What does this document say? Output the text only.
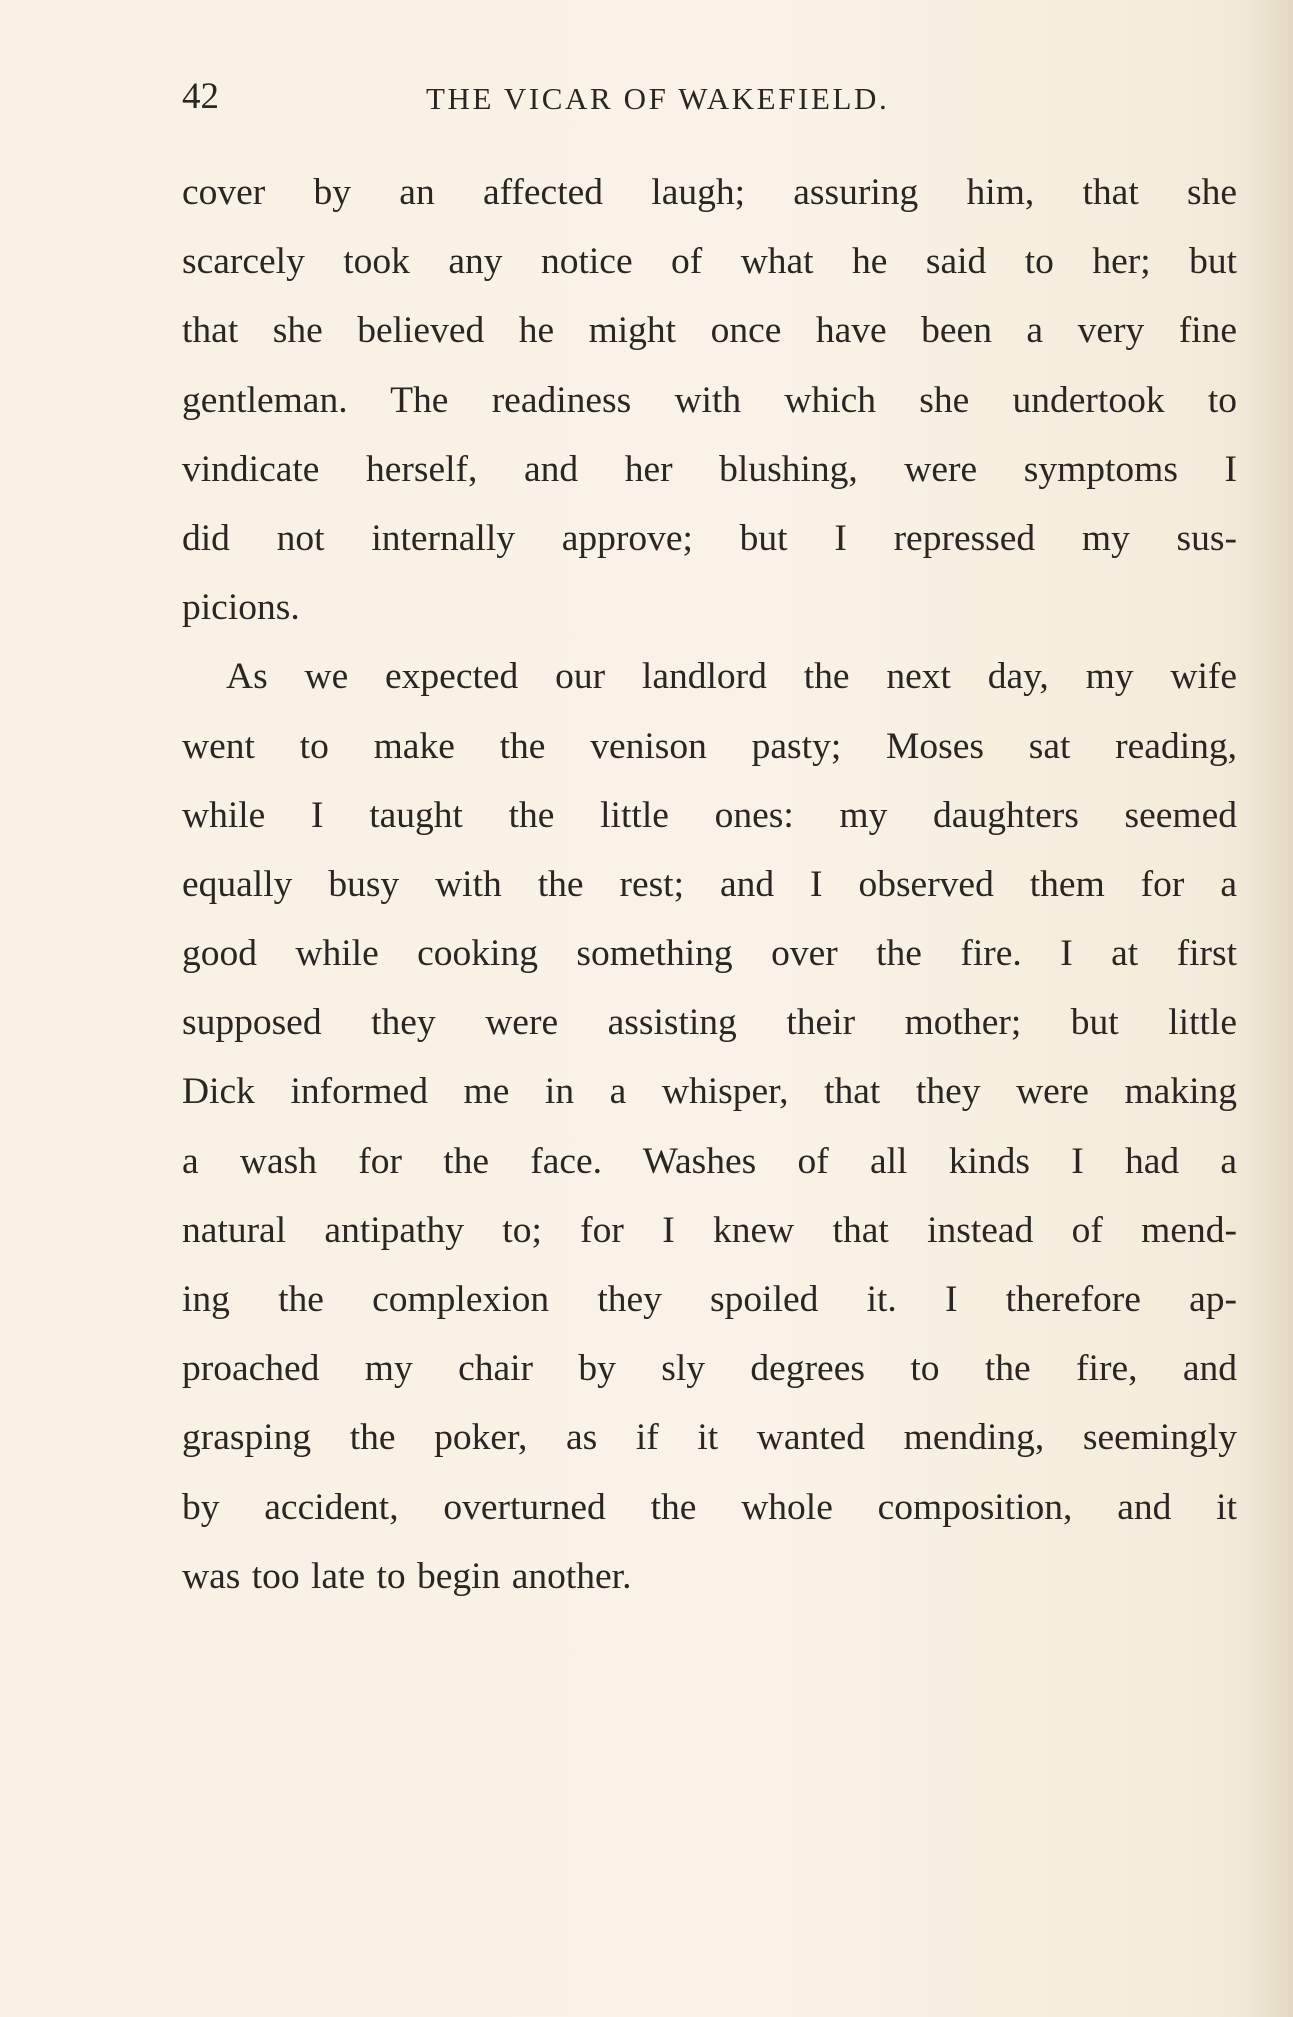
42	THE VICAR OF WAKEFIELD.
cover by an affected laugh; assuring him, that she
scarcely took any notice of what he said to her; but
that she believed he might once have been a very fine
gentleman. The readiness with which she undertook to
vindicate herself, and her blushing, were symptoms I
did not internally approve; but I repressed my sus-
picions.
As we expected our landlord the next day, my wife
went to make the venison pasty; Moses sat reading,
while I taught the little ones: my daughters seemed
equally busy with the rest; and I observed them for a
good while cooking something over the fire. I at first
supposed they were assisting their mother; but little
Dick informed me in a whisper, that they were making
a wash for the face. Washes of all kinds I had a
natural antipathy to; for I knew that instead of mend-
ing the complexion they spoiled it. I therefore ap-
proached my chair by sly degrees to the fire, and
grasping the poker, as if it wanted mending, seemingly
by accident, overturned the whole composition, and it
was too late to begin another.
